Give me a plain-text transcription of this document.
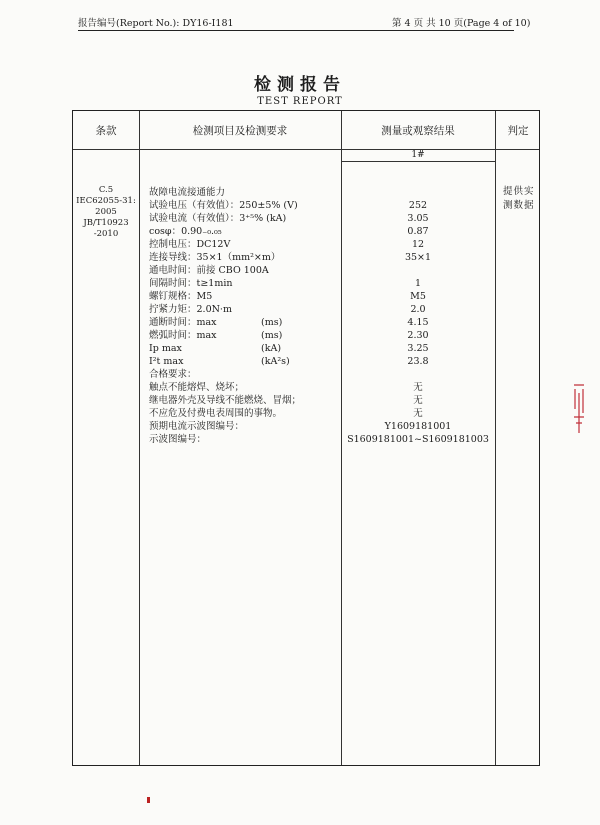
报告编号(Report No.): DY16-I181	第 4 页 共 10 页(Page 4 of 10)
检测报告
TEST REPORT
条款	检测项目及检测要求	测量或观察结果	判定
1#
C.5
IEC62055-31:
2005
JB/T10923
-2010
提供实
测数据
故障电流接通能力
试验电压（有效值）：250±5% (V)	252
试验电流（有效值）：3⁺⁵% (kA)	3.05
cosφ：0.90₋₀.₀₅	0.87
控制电压：DC12V	12
连接导线：35×1（mm²×m）	35×1
通电时间：前接 CBO 100A
间隔时间：t≥1min	1
螺钉规格：M5	M5
拧紧力矩：2.0N·m	2.0
通断时间：max	(ms)	4.15
燃弧时间：max	(ms)	2.30
Ip max	(kA)	3.25
I²t max	(kA²s)	23.8
合格要求：
触点不能熔焊、烧坏；	无
继电器外壳及导线不能燃烧、冒烟；	无
不应危及付费电表周围的事物。	无
预期电流示波图编号：	Y1609181001
示波图编号：	S1609181001~S1609181003
